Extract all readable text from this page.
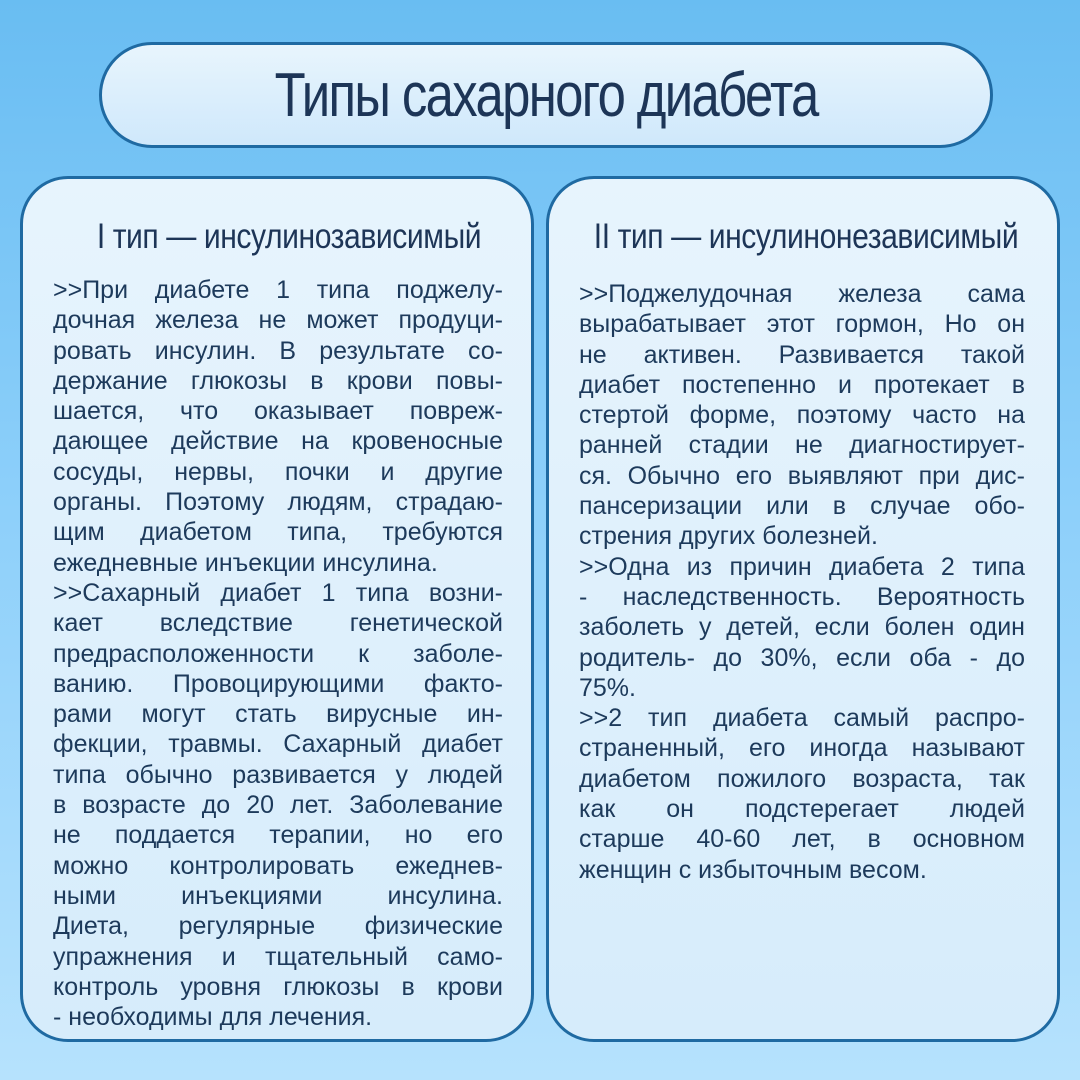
Типы сахарного диабета
I тип — инсулинозависимый
>>При диабете 1 типа поджелу-
дочная железа не может продуци-
ровать инсулин. В результате со-
держание глюкозы в крови повы-
шается, что оказывает повреж-
дающее действие на кровеносные
сосуды, нервы, почки и другие
органы. Поэтому людям, страдаю-
щим диабетом типа, требуются
ежедневные инъекции инсулина.
>>Сахарный диабет 1 типа возни-
кает вследствие генетической
предрасположенности к заболе-
ванию. Провоцирующими факто-
рами могут стать вирусные ин-
фекции, травмы. Сахарный диабет
типа обычно развивается у людей
в возрасте до 20 лет. Заболевание
не поддается терапии, но его
можно контролировать ежеднев-
ными инъекциями инсулина.
Диета, регулярные физические
упражнения и тщательный само-
контроль уровня глюкозы в крови
- необходимы для лечения.
II тип — инсулинонезависимый
>>Поджелудочная железа сама
вырабатывает этот гормон, Но он
не активен. Развивается такой
диабет постепенно и протекает в
стертой форме, поэтому часто на
ранней стадии не диагностирует-
ся. Обычно его выявляют при дис-
пансеризации или в случае обо-
стрения других болезней.
>>Одна из причин диабета 2 типа
- наследственность. Вероятность
заболеть у детей, если болен один
родитель- до 30%, если оба - до
75%.
>>2 тип диабета самый распро-
страненный, его иногда называют
диабетом пожилого возраста, так
как он подстерегает людей
старше 40-60 лет, в основном
женщин с избыточным весом.
